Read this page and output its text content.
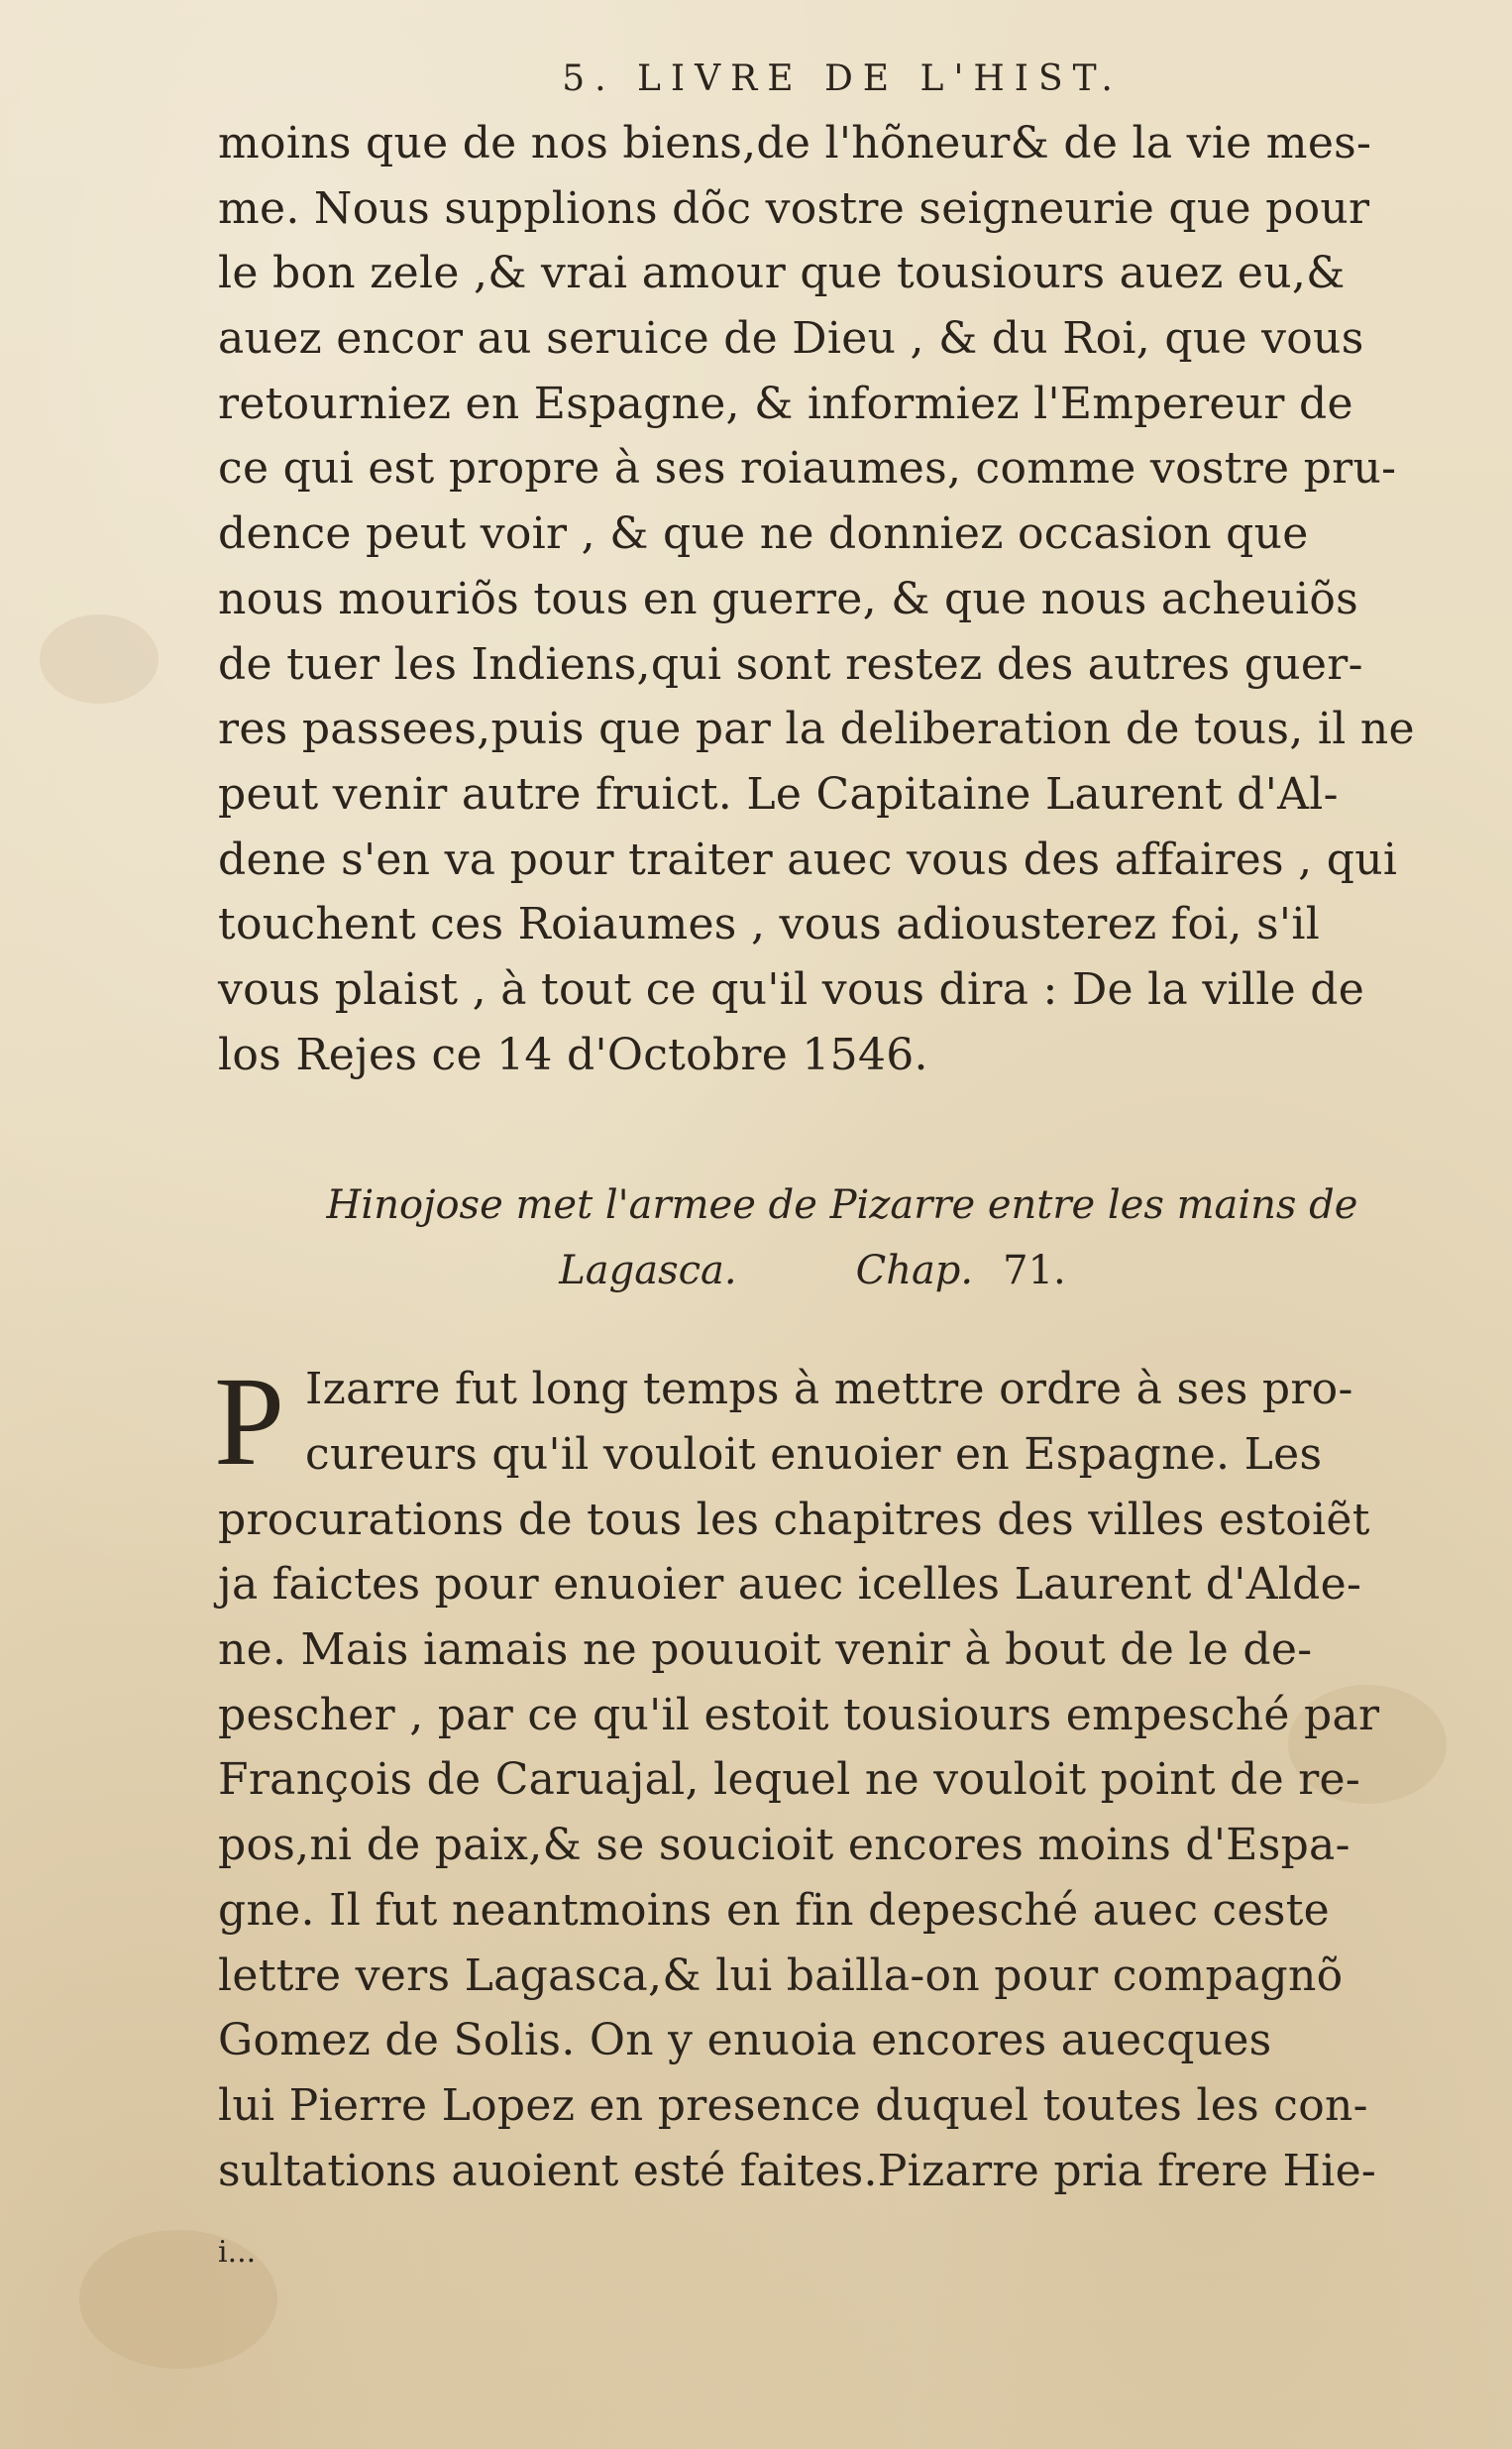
5. LIVRE DE L'HIST.
moins que de nos biens,de l'hõneur& de la vie mes-
me. Nous supplions dõc vostre seigneurie que pour
le bon zele ,& vrai amour que tousiours auez eu,&
auez encor au seruice de Dieu , & du Roi, que vous
retourniez en Espagne, & informiez l'Empereur de
ce qui est propre à ses roiaumes, comme vostre pru-
dence peut voir , & que ne donniez occasion que
nous mouriõs tous en guerre, & que nous acheuiõs
de tuer les Indiens,qui sont restez des autres guer-
res passees,puis que par la deliberation de tous, il ne
peut venir autre fruict. Le Capitaine Laurent d'Al-
dene s'en va pour traiter auec vous des affaires , qui
touchent ces Roiaumes , vous adiousterez foi, s'il
vous plaist , à tout ce qu'il vous dira : De la ville de
los Rejes ce 14 d'Octobre 1546.
Hinojose met l'armee de Pizarre entre les mains de
Lagasca.	Chap. 71.
P Izarre fut long temps à mettre ordre à ses pro-
cureurs qu'il vouloit enuoier en Espagne. Les
procurations de tous les chapitres des villes estoiẽt
ja faictes pour enuoier auec icelles Laurent d'Alde-
ne. Mais iamais ne pouuoit venir à bout de le de-
pescher , par ce qu'il estoit tousiours empesché par
François de Caruajal, lequel ne vouloit point de re-
pos,ni de paix,& se soucioit encores moins d'Espa-
gne. Il fut neantmoins en fin depesché auec ceste
lettre vers Lagasca,& lui bailla-on pour compagnõ
Gomez de Solis. On y enuoia encores auecques
lui Pierre Lopez en presence duquel toutes les con-
sultations auoient esté faites.Pizarre pria frere Hie-
i...
